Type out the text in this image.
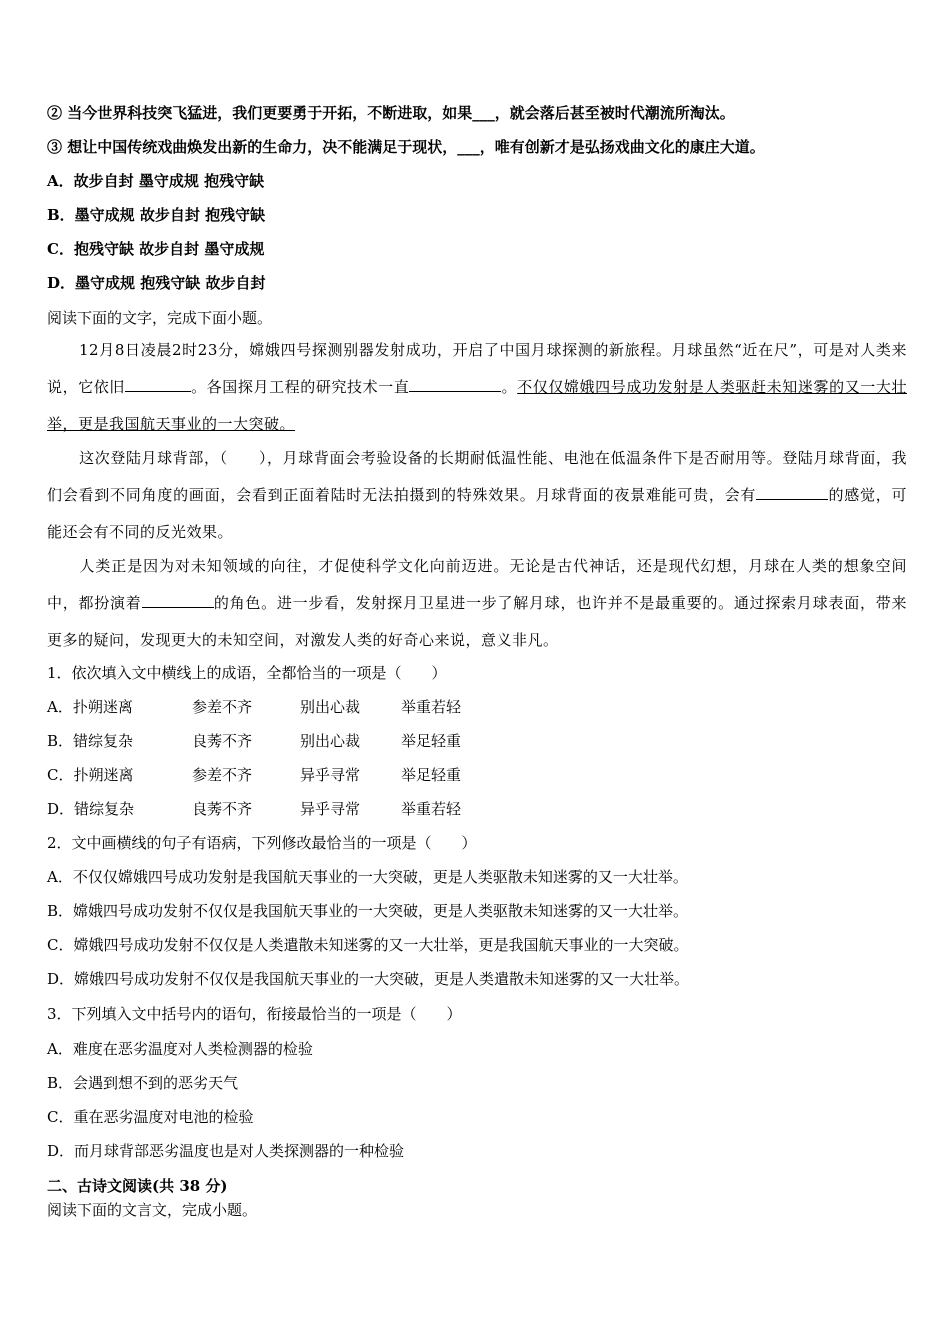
② 当今世界科技突飞猛进，我们更要勇于开拓，不断进取，如果___，就会落后甚至被时代潮流所淘汰。
③ 想让中国传统戏曲焕发出新的生命力，决不能满足于现状，___，唯有创新才是弘扬戏曲文化的康庄大道。
A．故步自封 墨守成规 抱残守缺
B．墨守成规 故步自封 抱残守缺
C．抱残守缺 故步自封 墨守成规
D．墨守成规 抱残守缺 故步自封
阅读下面的文字，完成下面小题。
12月8日凌晨2时23分，嫦娥四号探测别器发射成功，开启了中国月球探测的新旅程。月球虽然“近在尺”，可是对人类来说，它依旧	。各国探月工程的研究技术一直	。不仅仅嫦娥四号成功发射是人类驱赶未知迷雾的又一大壮举，更是我国航天事业的一大突破。
这次登陆月球背部，（　　），月球背面会考验设备的长期耐低温性能、电池在低温条件下是否耐用等。登陆月球背面，我们会看到不同角度的画面，会看到正面着陆时无法拍摄到的特殊效果。月球背面的夜景难能可贵，会有	的感觉，可能还会有不同的反光效果。
人类正是因为对未知领域的向往，才促使科学文化向前迈进。无论是古代神话，还是现代幻想，月球在人类的想象空间中，都扮演着	的角色。进一步看，发射探月卫星进一步了解月球，也许并不是最重要的。通过探索月球表面，带来更多的疑问，发现更大的未知空间，对激发人类的好奇心来说，意义非凡。
1．依次填入文中横线上的成语，全都恰当的一项是（　　）
A．扑朔迷离	参差不齐	别出心裁	举重若轻
B．错综复杂	良莠不齐	别出心裁	举足轻重
C．扑朔迷离	参差不齐	异乎寻常	举足轻重
D．错综复杂	良莠不齐	异乎寻常	举重若轻
2．文中画横线的句子有语病，下列修改最恰当的一项是（　　）
A．不仅仅嫦娥四号成功发射是我国航天事业的一大突破，更是人类驱散未知迷雾的又一大壮举。
B．嫦娥四号成功发射不仅仅是我国航天事业的一大突破，更是人类驱散未知迷雾的又一大壮举。
C．嫦娥四号成功发射不仅仅是人类遣散未知迷雾的又一大壮举，更是我国航天事业的一大突破。
D．嫦娥四号成功发射不仅仅是我国航天事业的一大突破，更是人类遣散未知迷雾的又一大壮举。
3．下列填入文中括号内的语句，衔接最恰当的一项是（　　）
A．难度在恶劣温度对人类检测器的检验
B．会遇到想不到的恶劣天气
C．重在恶劣温度对电池的检验
D．而月球背部恶劣温度也是对人类探测器的一种检验
二、古诗文阅读(共 38 分)
阅读下面的文言文，完成小题。
